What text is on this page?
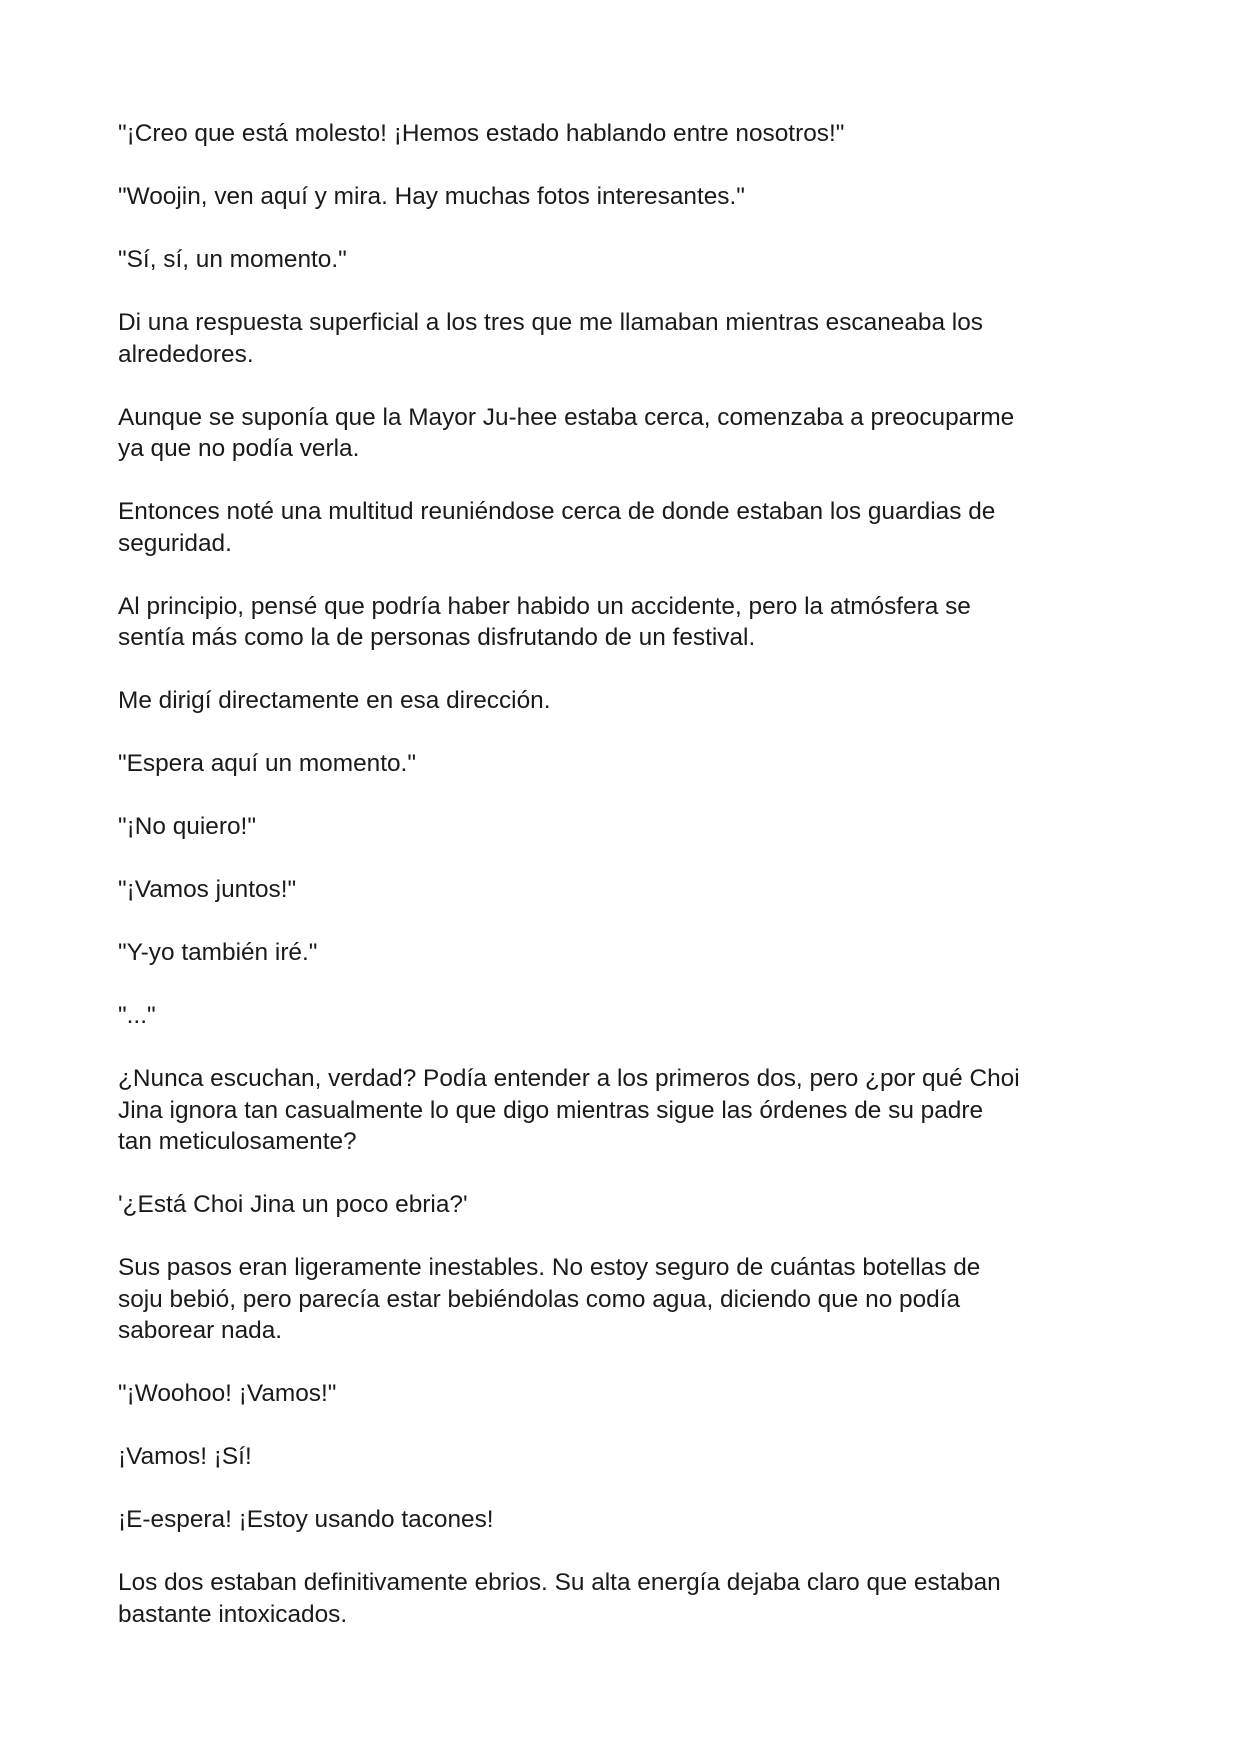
"¡Creo que está molesto! ¡Hemos estado hablando entre nosotros!"

"Woojin, ven aquí y mira. Hay muchas fotos interesantes."

"Sí, sí, un momento."

Di una respuesta superficial a los tres que me llamaban mientras escaneaba los
alrededores.

Aunque se suponía que la Mayor Ju-hee estaba cerca, comenzaba a preocuparme
ya que no podía verla.

Entonces noté una multitud reuniéndose cerca de donde estaban los guardias de
seguridad.

Al principio, pensé que podría haber habido un accidente, pero la atmósfera se
sentía más como la de personas disfrutando de un festival.

Me dirigí directamente en esa dirección.

"Espera aquí un momento."

"¡No quiero!"

"¡Vamos juntos!"

"Y-yo también iré."

"..."

¿Nunca escuchan, verdad? Podía entender a los primeros dos, pero ¿por qué Choi
Jina ignora tan casualmente lo que digo mientras sigue las órdenes de su padre
tan meticulosamente?

'¿Está Choi Jina un poco ebria?'

Sus pasos eran ligeramente inestables. No estoy seguro de cuántas botellas de
soju bebió, pero parecía estar bebiéndolas como agua, diciendo que no podía
saborear nada.

"¡Woohoo! ¡Vamos!"

¡Vamos! ¡Sí!

¡E-espera! ¡Estoy usando tacones!

Los dos estaban definitivamente ebrios. Su alta energía dejaba claro que estaban
bastante intoxicados.
